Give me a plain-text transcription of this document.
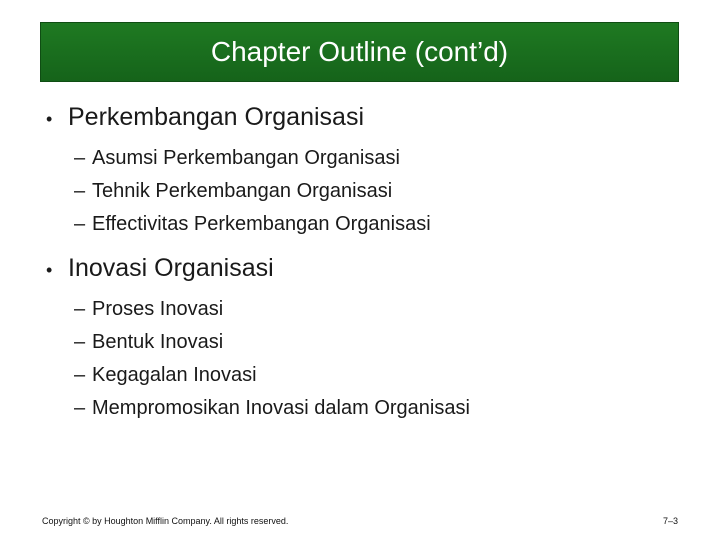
Chapter Outline (cont’d)
• Perkembangan Organisasi
– Asumsi Perkembangan Organisasi
– Tehnik Perkembangan Organisasi
– Effectivitas Perkembangan Organisasi
• Inovasi Organisasi
– Proses Inovasi
– Bentuk Inovasi
– Kegagalan Inovasi
– Mempromosikan Inovasi dalam Organisasi
Copyright © by Houghton Mifflin Company. All rights reserved.	7–3
